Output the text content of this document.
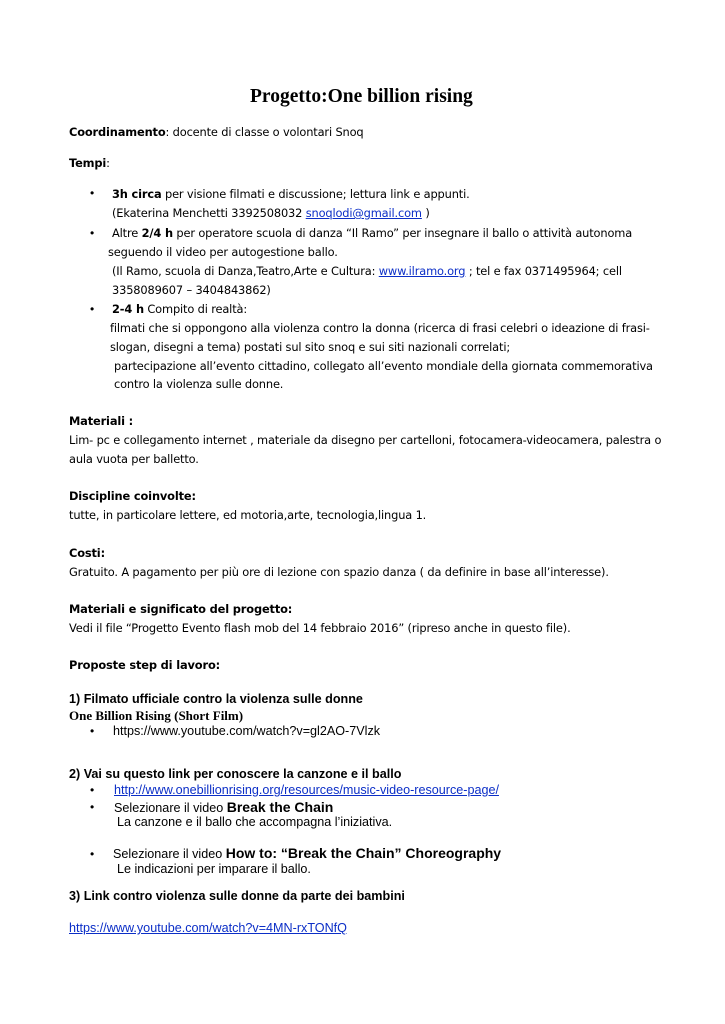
Progetto:One billion rising
Coordinamento: docente di classe o volontari Snoq
Tempi:
• 3h circa per visione filmati e discussione; lettura link e appunti.
(Ekaterina Menchetti 3392508032 snoqlodi@gmail.com )
• Altre 2/4 h per operatore scuola di danza “Il Ramo” per insegnare il ballo o attività autonoma
seguendo il video per autogestione ballo.
(Il Ramo, scuola di Danza,Teatro,Arte e Cultura: www.ilramo.org ; tel e fax 0371495964; cell
3358089607 – 3404843862)
• 2-4 h Compito di realtà:
filmati che si oppongono alla violenza contro la donna (ricerca di frasi celebri o ideazione di frasi-
slogan, disegni a tema) postati sul sito snoq e sui siti nazionali correlati;
partecipazione all’evento cittadino, collegato all’evento mondiale della giornata commemorativa
contro la violenza sulle donne.
Materiali :
Lim- pc e collegamento internet , materiale da disegno per cartelloni, fotocamera-videocamera, palestra o
aula vuota per balletto.
Discipline coinvolte:
tutte, in particolare lettere, ed motoria,arte, tecnologia,lingua 1.
Costi:
Gratuito. A pagamento per più ore di lezione con spazio danza ( da definire in base all’interesse).
Materiali e significato del progetto:
Vedi il file “Progetto Evento flash mob del 14 febbraio 2016” (ripreso anche in questo file).
Proposte step di lavoro:
1) Filmato ufficiale contro la violenza sulle donne
One Billion Rising (Short Film)
• https://www.youtube.com/watch?v=gl2AO-7Vlzk
2) Vai su questo link per conoscere la canzone e il ballo
• http://www.onebillionrising.org/resources/music-video-resource-page/
• Selezionare il video Break the Chain
La canzone e il ballo che accompagna l’iniziativa.
• Selezionare il video How to: “Break the Chain” Choreography
Le indicazioni per imparare il ballo.
3) Link contro violenza sulle donne da parte dei bambini
https://www.youtube.com/watch?v=4MN-rxTONfQ
